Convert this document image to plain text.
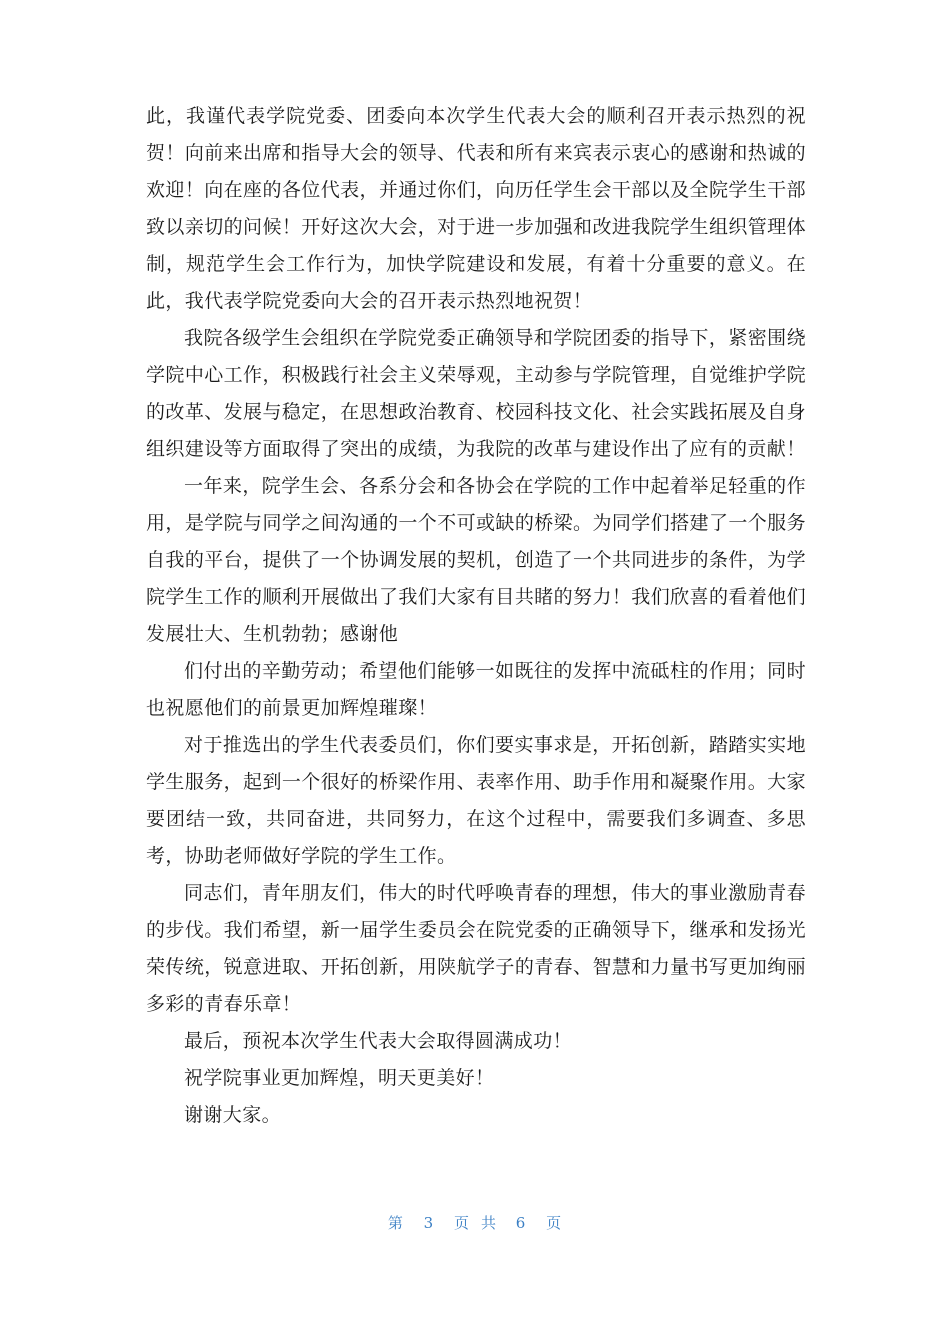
此，我谨代表学院党委、团委向本次学生代表大会的顺利召开表示热烈的祝贺！向前来出席和指导大会的领导、代表和所有来宾表示衷心的感谢和热诚的欢迎！向在座的各位代表，并通过你们，向历任学生会干部以及全院学生干部致以亲切的问候！开好这次大会，对于进一步加强和改进我院学生组织管理体制，规范学生会工作行为，加快学院建设和发展，有着十分重要的意义。在此，我代表学院党委向大会的召开表示热烈地祝贺！

我院各级学生会组织在学院党委正确领导和学院团委的指导下，紧密围绕学院中心工作，积极践行社会主义荣辱观，主动参与学院管理，自觉维护学院的改革、发展与稳定，在思想政治教育、校园科技文化、社会实践拓展及自身组织建设等方面取得了突出的成绩，为我院的改革与建设作出了应有的贡献！

一年来，院学生会、各系分会和各协会在学院的工作中起着举足轻重的作用，是学院与同学之间沟通的一个不可或缺的桥梁。为同学们搭建了一个服务自我的平台，提供了一个协调发展的契机，创造了一个共同进步的条件，为学院学生工作的顺利开展做出了我们大家有目共睹的努力！我们欣喜的看着他们发展壮大、生机勃勃；感谢他

们付出的辛勤劳动；希望他们能够一如既往的发挥中流砥柱的作用；同时也祝愿他们的前景更加辉煌璀璨！

对于推选出的学生代表委员们，你们要实事求是，开拓创新，踏踏实实地学生服务，起到一个很好的桥梁作用、表率作用、助手作用和凝聚作用。大家要团结一致，共同奋进，共同努力，在这个过程中，需要我们多调查、多思考，协助老师做好学院的学生工作。

同志们，青年朋友们，伟大的时代呼唤青春的理想，伟大的事业激励青春的步伐。我们希望，新一届学生委员会在院党委的正确领导下，继承和发扬光荣传统，锐意进取、开拓创新，用陕航学子的青春、智慧和力量书写更加绚丽多彩的青春乐章！

最后，预祝本次学生代表大会取得圆满成功！

祝学院事业更加辉煌，明天更美好！

谢谢大家。

第 3 页共 6 页
